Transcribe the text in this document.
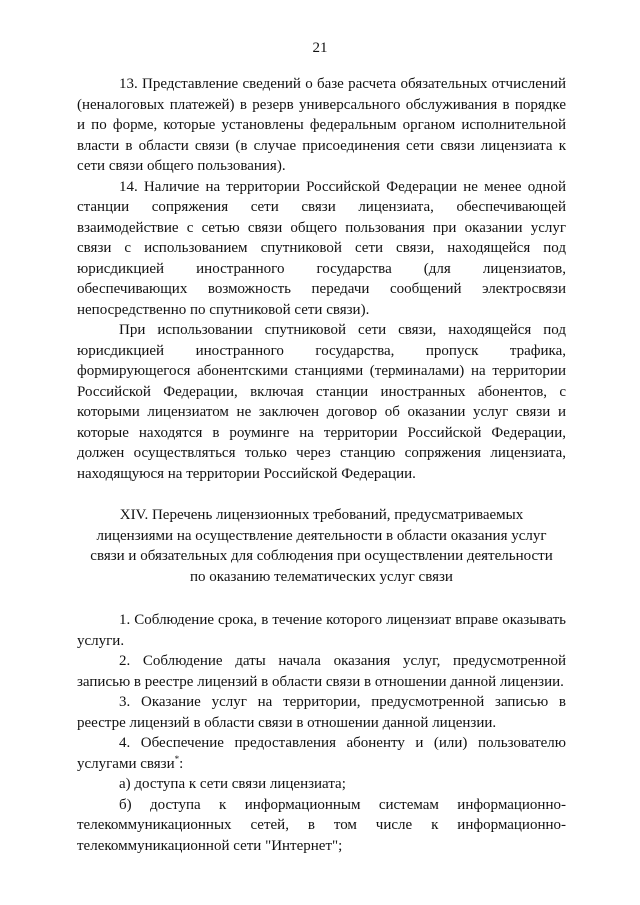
21

13. Представление сведений о базе расчета обязательных отчислений (неналоговых платежей) в резерв универсального обслуживания в порядке и по форме, которые установлены федеральным органом исполнительной власти в области связи (в случае присоединения сети связи лицензиата к сети связи общего пользования).

14. Наличие на территории Российской Федерации не менее одной станции сопряжения сети связи лицензиата, обеспечивающей взаимодействие с сетью связи общего пользования при оказании услуг связи с использованием спутниковой сети связи, находящейся под юрисдикцией иностранного государства (для лицензиатов, обеспечивающих возможность передачи сообщений электросвязи непосредственно по спутниковой сети связи).

При использовании спутниковой сети связи, находящейся под юрисдикцией иностранного государства, пропуск трафика, формирующегося абонентскими станциями (терминалами) на территории Российской Федерации, включая станции иностранных абонентов, с которыми лицензиатом не заключен договор об оказании услуг связи и которые находятся в роуминге на территории Российской Федерации, должен осуществляться только через станцию сопряжения лицензиата, находящуюся на территории Российской Федерации.

XIV. Перечень лицензионных требований, предусматриваемых
лицензиями на осуществление деятельности в области оказания услуг
связи и обязательных для соблюдения при осуществлении деятельности
по оказанию телематических услуг связи

1. Соблюдение срока, в течение которого лицензиат вправе оказывать услуги.

2. Соблюдение даты начала оказания услуг, предусмотренной записью в реестре лицензий в области связи в отношении данной лицензии.

3. Оказание услуг на территории, предусмотренной записью в реестре лицензий в области связи в отношении данной лицензии.

4. Обеспечение предоставления абоненту и (или) пользователю услугами связи*:

а) доступа к сети связи лицензиата;

б) доступа к информационным системам информационно-телекоммуникационных сетей, в том числе к информационно-телекоммуникационной сети "Интернет";
